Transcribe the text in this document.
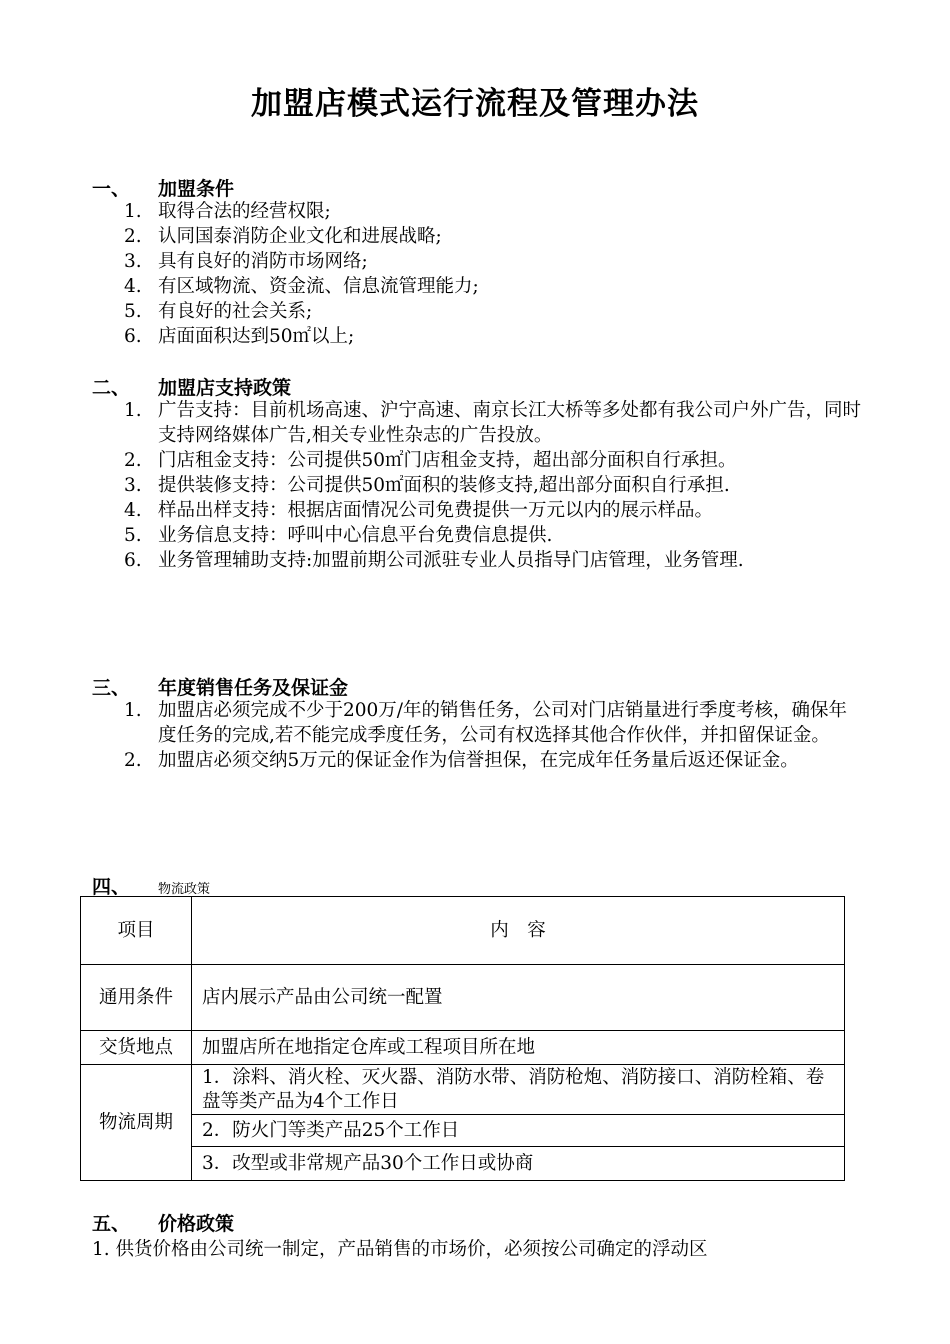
加盟店模式运行流程及管理办法
一、 加盟条件
1. 取得合法的经营权限;
2. 认同国泰消防企业文化和进展战略;
3. 具有良好的消防市场网络;
4. 有区域物流、资金流、信息流管理能力;
5. 有良好的社会关系;
6. 店面面积达到50㎡以上;
二、 加盟店支持政策
1. 广告支持：目前机场高速、沪宁高速、南京长江大桥等多处都有我公司户外广告，同时支持网络媒体广告,相关专业性杂志的广告投放。
2. 门店租金支持：公司提供50㎡门店租金支持，超出部分面积自行承担。
3. 提供装修支持：公司提供50㎡面积的装修支持,超出部分面积自行承担.
4. 样品出样支持：根据店面情况公司免费提供一万元以内的展示样品。
5. 业务信息支持：呼叫中心信息平台免费信息提供.
6. 业务管理辅助支持:加盟前期公司派驻专业人员指导门店管理，业务管理.
三、 年度销售任务及保证金
1. 加盟店必须完成不少于200万/年的销售任务，公司对门店销量进行季度考核，确保年度任务的完成,若不能完成季度任务，公司有权选择其他合作伙伴，并扣留保证金。
2. 加盟店必须交纳5万元的保证金作为信誉担保，在完成年任务量后返还保证金。
四、 物流政策
项目	内　容
通用条件	店内展示产品由公司统一配置
交货地点	加盟店所在地指定仓库或工程项目所在地
物流周期	1．涂料、消火栓、灭火器、消防水带、消防枪炮、消防接口、消防栓箱、卷盘等类产品为4个工作日
	2．防火门等类产品25个工作日
	3．改型或非常规产品30个工作日或协商
五、 价格政策
1. 供货价格由公司统一制定，产品销售的市场价，必须按公司确定的浮动区
